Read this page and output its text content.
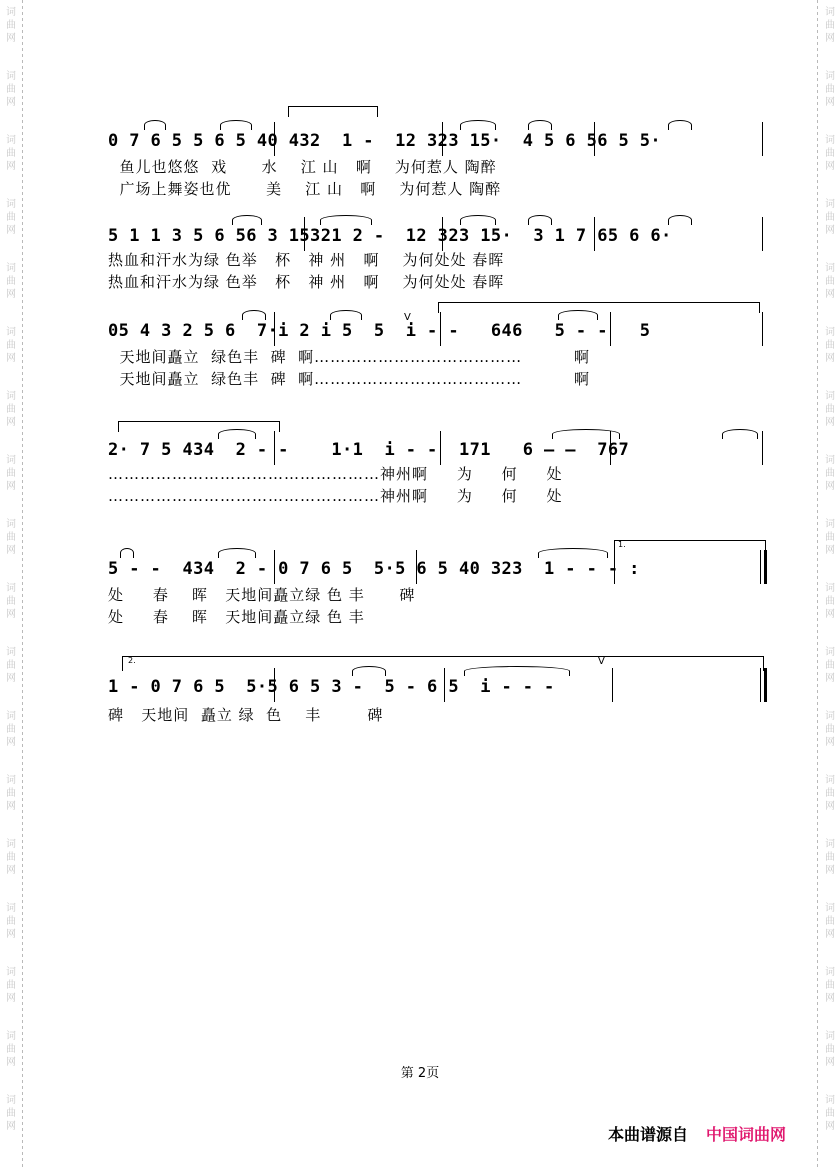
词
曲
网
词
曲
网
词
曲
网
词
曲
网
词
曲
网
词
曲
网
词
曲
网
词
曲
网
词
曲
网
词
曲
网
词
曲
网
词
曲
网
词
曲
网
词
曲
网
词
曲
网
词
曲
网
词
曲
网
词
曲
网
词
曲
网
词
曲
网
词
曲
网
词
曲
网
词
曲
网
词
曲
网
词
曲
网
词
曲
网
词
曲
网
词
曲
网
词
曲
网
词
曲
网
词
曲
网
词
曲
网
词
曲
网
词
曲
网
词
曲
网
词
曲
网
0 7 6 5 5 6 5 40 432  1 -  12 323 15·  4 5 6 56 5 5·
鱼儿也悠悠  戏      水    江 山   啊    为何惹人 陶醉
广场上舞姿也优      美    江 山   啊    为何惹人 陶醉
5 1 1 3 5 6 56 3 15321 2 -  12 323 15·  3 1 7 65 6 6·
热血和汗水为绿 色举   杯   神 州   啊    为何处处 春晖
热血和汗水为绿 色举   杯   神 州   啊    为何处处 春晖
V
05 4 3 2 5 6  7·i 2 i 5  5  i - -   646   5 - -   5
天地间矗立  绿色丰  碑  啊…………………………………         啊
天地间矗立  绿色丰  碑  啊…………………………………         啊
2· 7 5 434  2 - -    1·1  i - -  171   6 — —  767
……………………………………………神州啊     为     何     处
……………………………………………神州啊     为     何     处
1.
5 - -  434  2 - 0 7 6 5  5·5 6 5 40 323  1 - - - :
处     春    晖   天地间矗立绿 色 丰      碑
处     春    晖   天地间矗立绿 色 丰
2.	V
1 - 0 7 6 5  5·5 6 5 3 -  5 - 6 5  i - - -
碑   天地间  矗立 绿  色    丰        碑
第 2页
本曲谱源自 中国词曲网
